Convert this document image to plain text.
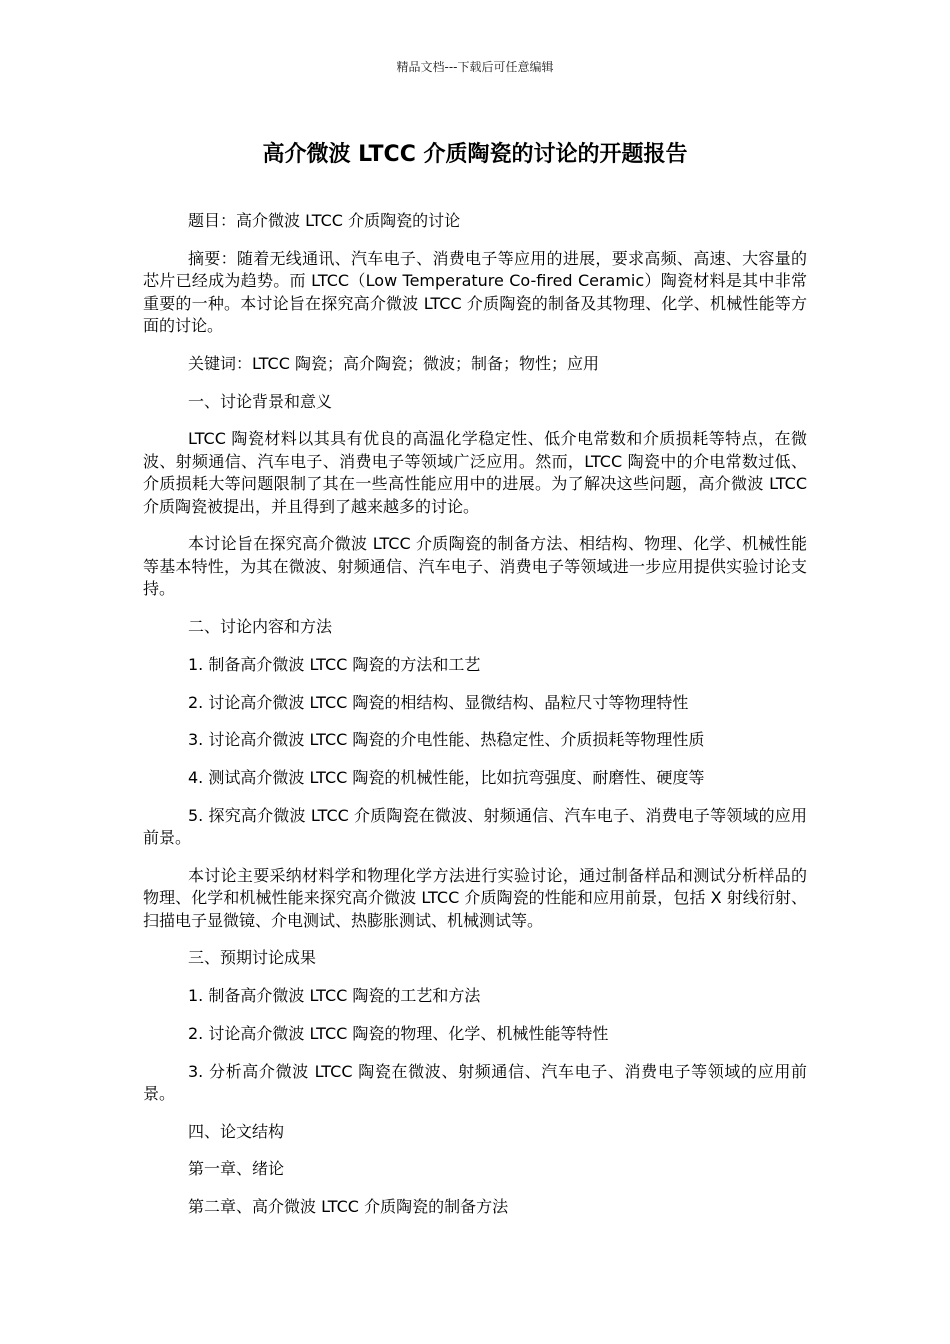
精品文档---下载后可任意编辑
高介微波 LTCC 介质陶瓷的讨论的开题报告

题目：高介微波 LTCC 介质陶瓷的讨论

摘要：随着无线通讯、汽车电子、消费电子等应用的进展，要求高频、高速、大容量的芯片已经成为趋势。而 LTCC（Low Temperature Co-fired Ceramic）陶瓷材料是其中非常重要的一种。本讨论旨在探究高介微波 LTCC 介质陶瓷的制备及其物理、化学、机械性能等方面的讨论。

关键词：LTCC 陶瓷；高介陶瓷；微波；制备；物性；应用

一、讨论背景和意义

LTCC 陶瓷材料以其具有优良的高温化学稳定性、低介电常数和介质损耗等特点，在微波、射频通信、汽车电子、消费电子等领域广泛应用。然而，LTCC 陶瓷中的介电常数过低、介质损耗大等问题限制了其在一些高性能应用中的进展。为了解决这些问题，高介微波 LTCC 介质陶瓷被提出，并且得到了越来越多的讨论。

本讨论旨在探究高介微波 LTCC 介质陶瓷的制备方法、相结构、物理、化学、机械性能等基本特性，为其在微波、射频通信、汽车电子、消费电子等领域进一步应用提供实验讨论支持。

二、讨论内容和方法

1. 制备高介微波 LTCC 陶瓷的方法和工艺

2. 讨论高介微波 LTCC 陶瓷的相结构、显微结构、晶粒尺寸等物理特性

3. 讨论高介微波 LTCC 陶瓷的介电性能、热稳定性、介质损耗等物理性质

4. 测试高介微波 LTCC 陶瓷的机械性能，比如抗弯强度、耐磨性、硬度等

5. 探究高介微波 LTCC 介质陶瓷在微波、射频通信、汽车电子、消费电子等领域的应用前景。

本讨论主要采纳材料学和物理化学方法进行实验讨论，通过制备样品和测试分析样品的物理、化学和机械性能来探究高介微波 LTCC 介质陶瓷的性能和应用前景，包括 X 射线衍射、扫描电子显微镜、介电测试、热膨胀测试、机械测试等。

三、预期讨论成果

1. 制备高介微波 LTCC 陶瓷的工艺和方法

2. 讨论高介微波 LTCC 陶瓷的物理、化学、机械性能等特性

3. 分析高介微波 LTCC 陶瓷在微波、射频通信、汽车电子、消费电子等领域的应用前景。

四、论文结构

第一章、绪论

第二章、高介微波 LTCC 介质陶瓷的制备方法
